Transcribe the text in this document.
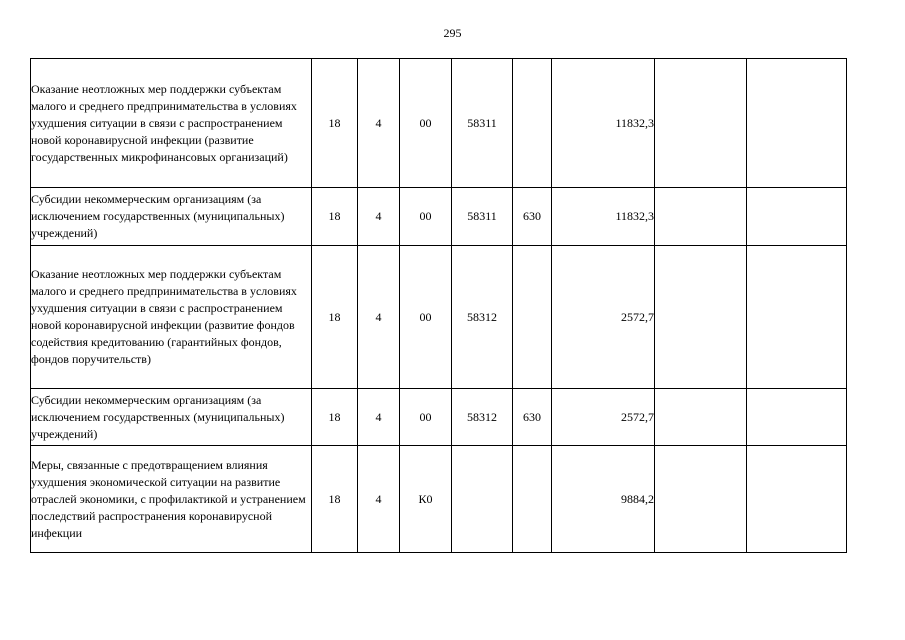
295
Оказание неотложных мер поддержки субъектам малого и среднего предпринимательства в условиях ухудшения ситуации в связи с распространением новой коронавирусной инфекции (развитие государственных микрофинансовых организаций)	18	4	00	58311		11832,3		
Субсидии некоммерческим организациям (за исключением государственных (муниципальных) учреждений)	18	4	00	58311	630	11832,3		
Оказание неотложных мер поддержки субъектам малого и среднего предпринимательства в условиях ухудшения ситуации в связи с распространением новой коронавирусной инфекции (развитие фондов содействия кредитованию (гарантийных фондов, фондов поручительств)	18	4	00	58312		2572,7		
Субсидии некоммерческим организациям (за исключением государственных (муниципальных) учреждений)	18	4	00	58312	630	2572,7		
Меры, связанные с предотвращением влияния ухудшения экономической ситуации на развитие отраслей экономики, с профилактикой и устранением последствий распространения коронавирусной инфекции	18	4	К0			9884,2		
